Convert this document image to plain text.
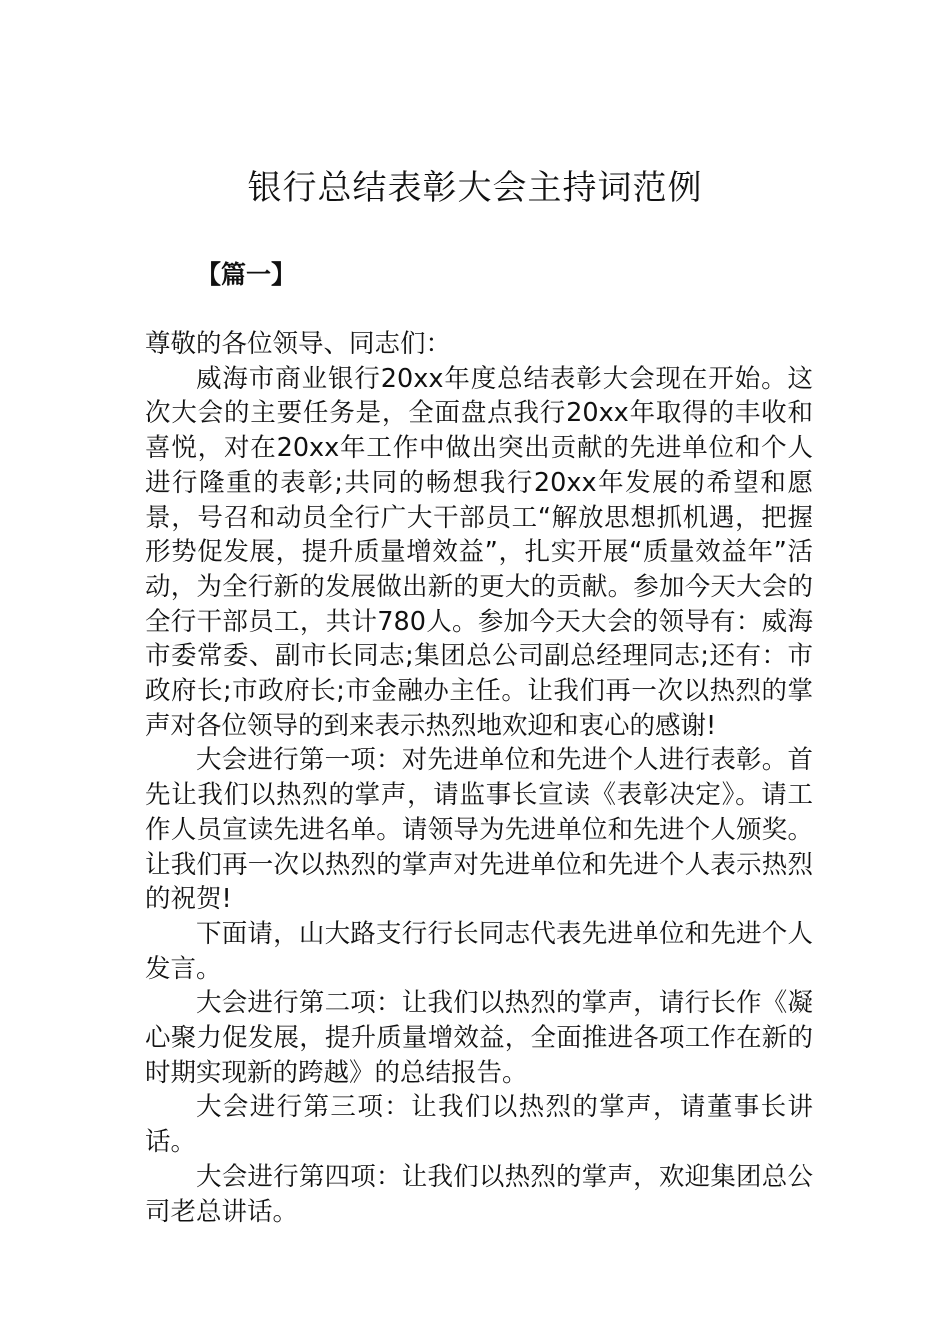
银行总结表彰大会主持词范例
【篇一】

尊敬的各位领导、同志们：

威海市商业银行20xx年度总结表彰大会现在开始。这次大会的主要任务是，全面盘点我行20xx年取得的丰收和喜悦，对在20xx年工作中做出突出贡献的先进单位和个人进行隆重的表彰;共同的畅想我行20xx年发展的希望和愿景，号召和动员全行广大干部员工“解放思想抓机遇，把握形势促发展，提升质量增效益”，扎实开展“质量效益年”活动，为全行新的发展做出新的更大的贡献。参加今天大会的全行干部员工，共计780人。参加今天大会的领导有：威海市委常委、副市长同志;集团总公司副总经理同志;还有：市政府长;市政府长;市金融办主任。让我们再一次以热烈的掌声对各位领导的到来表示热烈地欢迎和衷心的感谢!

大会进行第一项：对先进单位和先进个人进行表彰。首先让我们以热烈的掌声，请监事长宣读《表彰决定》。请工作人员宣读先进名单。请领导为先进单位和先进个人颁奖。让我们再一次以热烈的掌声对先进单位和先进个人表示热烈的祝贺!

下面请，山大路支行行长同志代表先进单位和先进个人发言。

大会进行第二项：让我们以热烈的掌声，请行长作《凝心聚力促发展，提升质量增效益，全面推进各项工作在新的时期实现新的跨越》的总结报告。

大会进行第三项：让我们以热烈的掌声，请董事长讲话。

大会进行第四项：让我们以热烈的掌声，欢迎集团总公司老总讲话。
